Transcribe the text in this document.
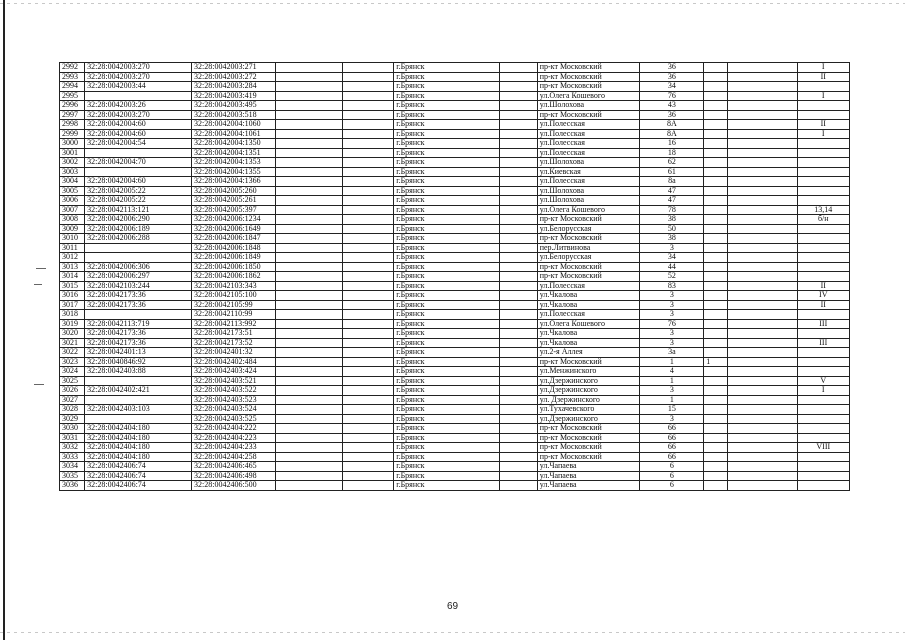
2992	32:28:0042003:270	32:28:0042003:271			г.Брянск		пр-кт Московский	36			I
2993	32:28:0042003:270	32:28:0042003:272			г.Брянск		пр-кт Московский	36			II
2994	32:28:0042003:44	32:28:0042003:284			г.Брянск		пр-кт Московский	34			
2995		32:28:0042003:419			г.Брянск		ул.Олега Кошевого	76			I
2996	32:28:0042003:26	32:28:0042003:495			г.Брянск		ул.Шолохова	43			
2997	32:28:0042003:270	32:28:0042003:518			г.Брянск		пр-кт Московский	36			
2998	32:28:0042004:60	32:28:0042004:1060			г.Брянск		ул.Полесская	8А			II
2999	32:28:0042004:60	32:28:0042004:1061			г.Брянск		ул.Полесская	8А			I
3000	32:28:0042004:54	32:28:0042004:1350			г.Брянск		ул.Полесская	16			
3001		32:28:0042004:1351			г.Брянск		ул.Полесская	18			
3002	32:28:0042004:70	32:28:0042004:1353			г.Брянск		ул.Шолохова	62			
3003		32:28:0042004:1355			г.Брянск		ул.Киевская	61			
3004	32:28:0042004:60	32:28:0042004:1366			г.Брянск		ул.Полесская	8а			
3005	32:28:0042005:22	32:28:0042005:260			г.Брянск		ул.Шолохова	47			
3006	32:28:0042005:22	32:28:0042005:261			г.Брянск		ул.Шолохова	47			
3007	32:28:0042113:121	32:28:0042005:397			г.Брянск		ул.Олега Кошевого	78			13,14
3008	32:28:0042006:290	32:28:0042006:1234			г.Брянск		пр-кт Московский	38			б/н
3009	32:28:0042006:189	32:28:0042006:1649			г.Брянск		ул.Белорусская	50			
3010	32:28:0042006:288	32:28:0042006:1847			г.Брянск		пр-кт Московский	38			
3011		32:28:0042006:1848			г.Брянск		пер.Литвинова	3			
3012		32:28:0042006:1849			г.Брянск		ул.Белорусская	34			
3013	32:28:0042006:306	32:28:0042006:1850			г.Брянск		пр-кт Московский	44			
3014	32:28:0042006:297	32:28:0042006:1862			г.Брянск		пр-кт Московский	52			
3015	32:28:0042103:244	32:28:0042103:343			г.Брянск		ул.Полесская	83			II
3016	32:28:0042173:36	32:28:0042105:100			г.Брянск		ул.Чкалова	3			IV
3017	32:28:0042173:36	32:28:0042105:99			г.Брянск		ул.Чкалова	3			II
3018		32:28:0042110:99			г.Брянск		ул.Полесская	3			
3019	32:28:0042113:719	32:28:0042113:992			г.Брянск		ул.Олега Кошевого	76			III
3020	32:28:0042173:36	32:28:0042173:51			г.Брянск		ул.Чкалова	3			
3021	32:28:0042173:36	32:28:0042173:52			г.Брянск		ул.Чкалова	3			III
3022	32:28:0042401:13	32:28:0042401:32			г.Брянск		ул.2-я Аллея	3а			
3023	32:28:0040846:92	32:28:0042402:484			г.Брянск		пр-кт Московский	1	1		
3024	32:28:0042403:88	32:28:0042403:424			г.Брянск		ул.Менжинского	4			
3025		32:28:0042403:521			г.Брянск		ул.Дзержинского	1			V
3026	32:28:0042402:421	32:28:0042403:522			г.Брянск		ул.Дзержинского	3			I
3027		32:28:0042403:523			г.Брянск		ул. Дзержинского	1			
3028	32:28:0042403:103	32:28:0042403:524			г.Брянск		ул.Тухачевского	15			
3029		32:28:0042403:525			г.Брянск		ул.Дзержинского	3			
3030	32:28:0042404:180	32:28:0042404:222			г.Брянск		пр-кт Московский	66			
3031	32:28:0042404:180	32:28:0042404:223			г.Брянск		пр-кт Московский	66			
3032	32:28:0042404:180	32:28:0042404:233			г.Брянск		пр-кт Московский	66			VIII
3033	32:28:0042404:180	32:28:0042404:258			г.Брянск		пр-кт Московский	66			
3034	32:28:0042406:74	32:28:0042406:465			г.Брянск		ул.Чапаева	6			
3035	32:28:0042406:74	32:28:0042406:498			г.Брянск		ул.Чапаева	6			
3036	32:28:0042406:74	32:28:0042406:500			г.Брянск		ул.Чапаева	6			
69
